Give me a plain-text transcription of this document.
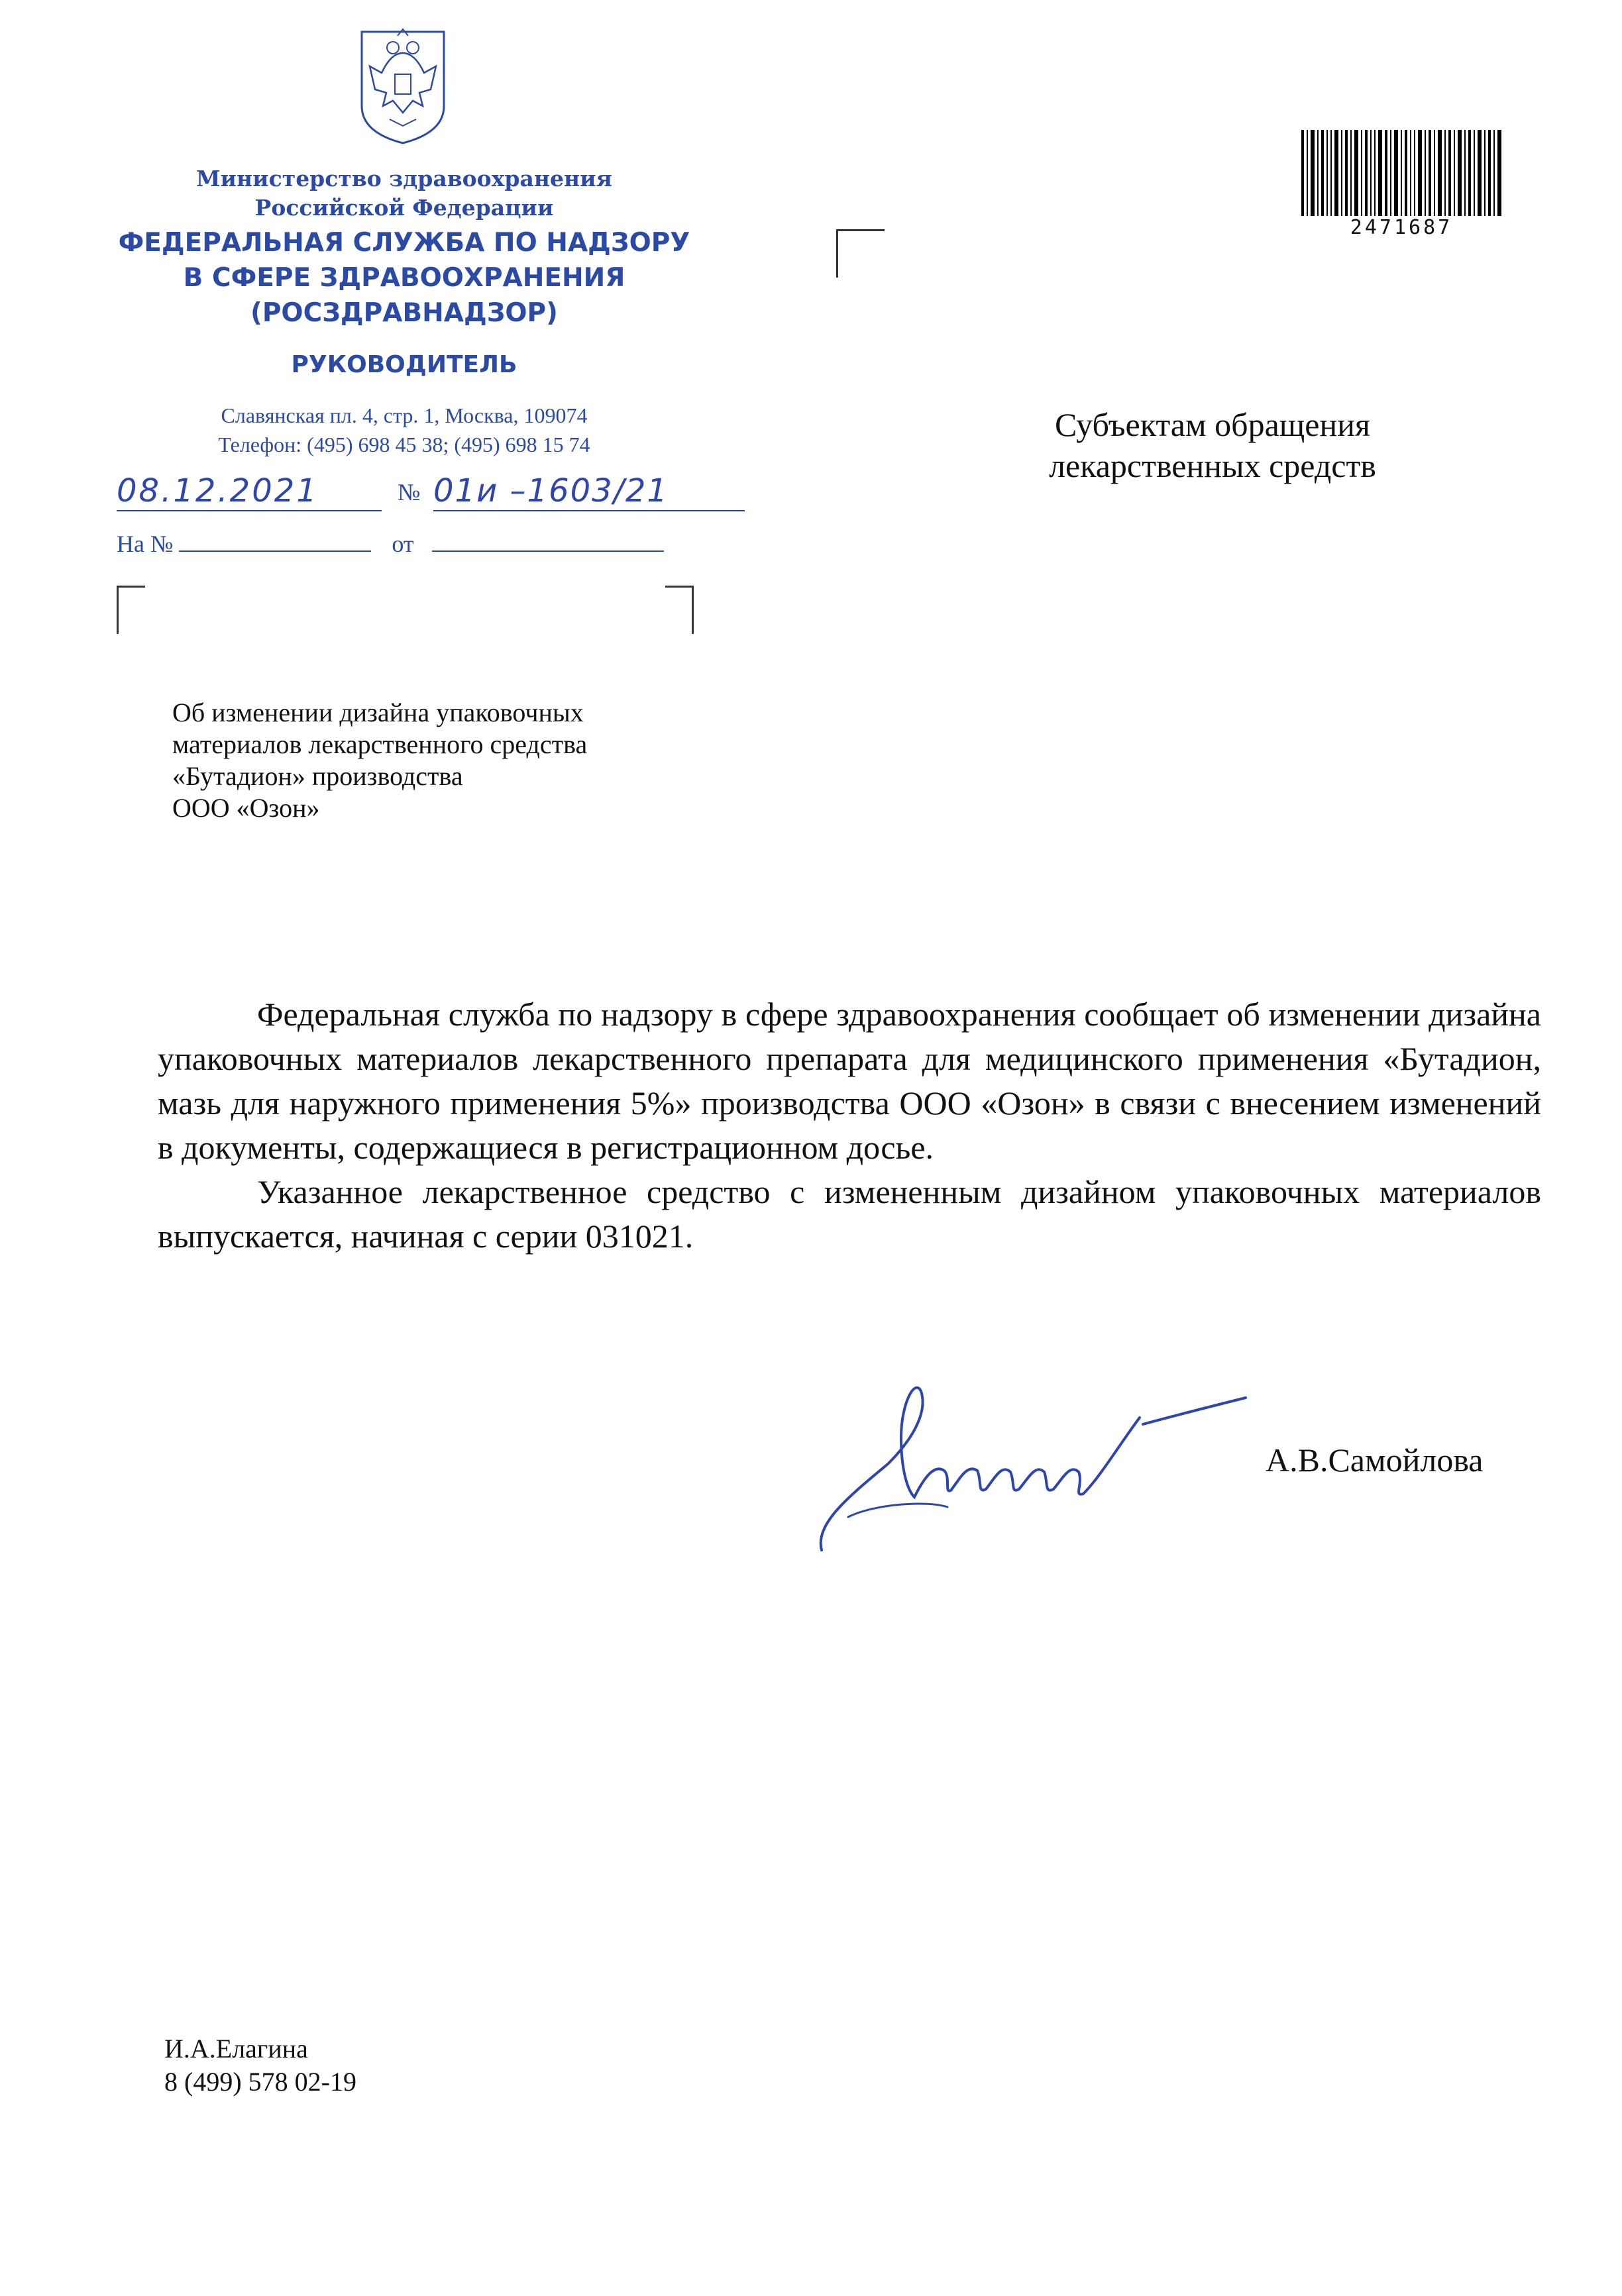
Министерство здравоохранения
Российской Федерации
ФЕДЕРАЛЬНАЯ СЛУЖБА ПО НАДЗОРУ
В СФЕРЕ ЗДРАВООХРАНЕНИЯ
(РОСЗДРАВНАДЗОР)
РУКОВОДИТЕЛЬ
Славянская пл. 4, стр. 1, Москва, 109074
Телефон: (495) 698 45 38; (495) 698 15 74
08.12.2021	№ 01и –1603/21
На №	от
2471687
Субъектам обращения
лекарственных средств
Об изменении дизайна упаковочных
материалов лекарственного средства
«Бутадион» производства
ООО «Озон»

Федеральная служба по надзору в сфере здравоохранения сообщает об изменении дизайна упаковочных материалов лекарственного препарата для медицинского применения «Бутадион, мазь для наружного применения 5%» производства ООО «Озон» в связи с внесением изменений в документы, содержащиеся в регистрационном досье.

Указанное лекарственное средство с измененным дизайном упаковочных материалов выпускается, начиная с серии 031021.

А.В.Самойлова
И.А.Елагина
8 (499) 578 02-19
